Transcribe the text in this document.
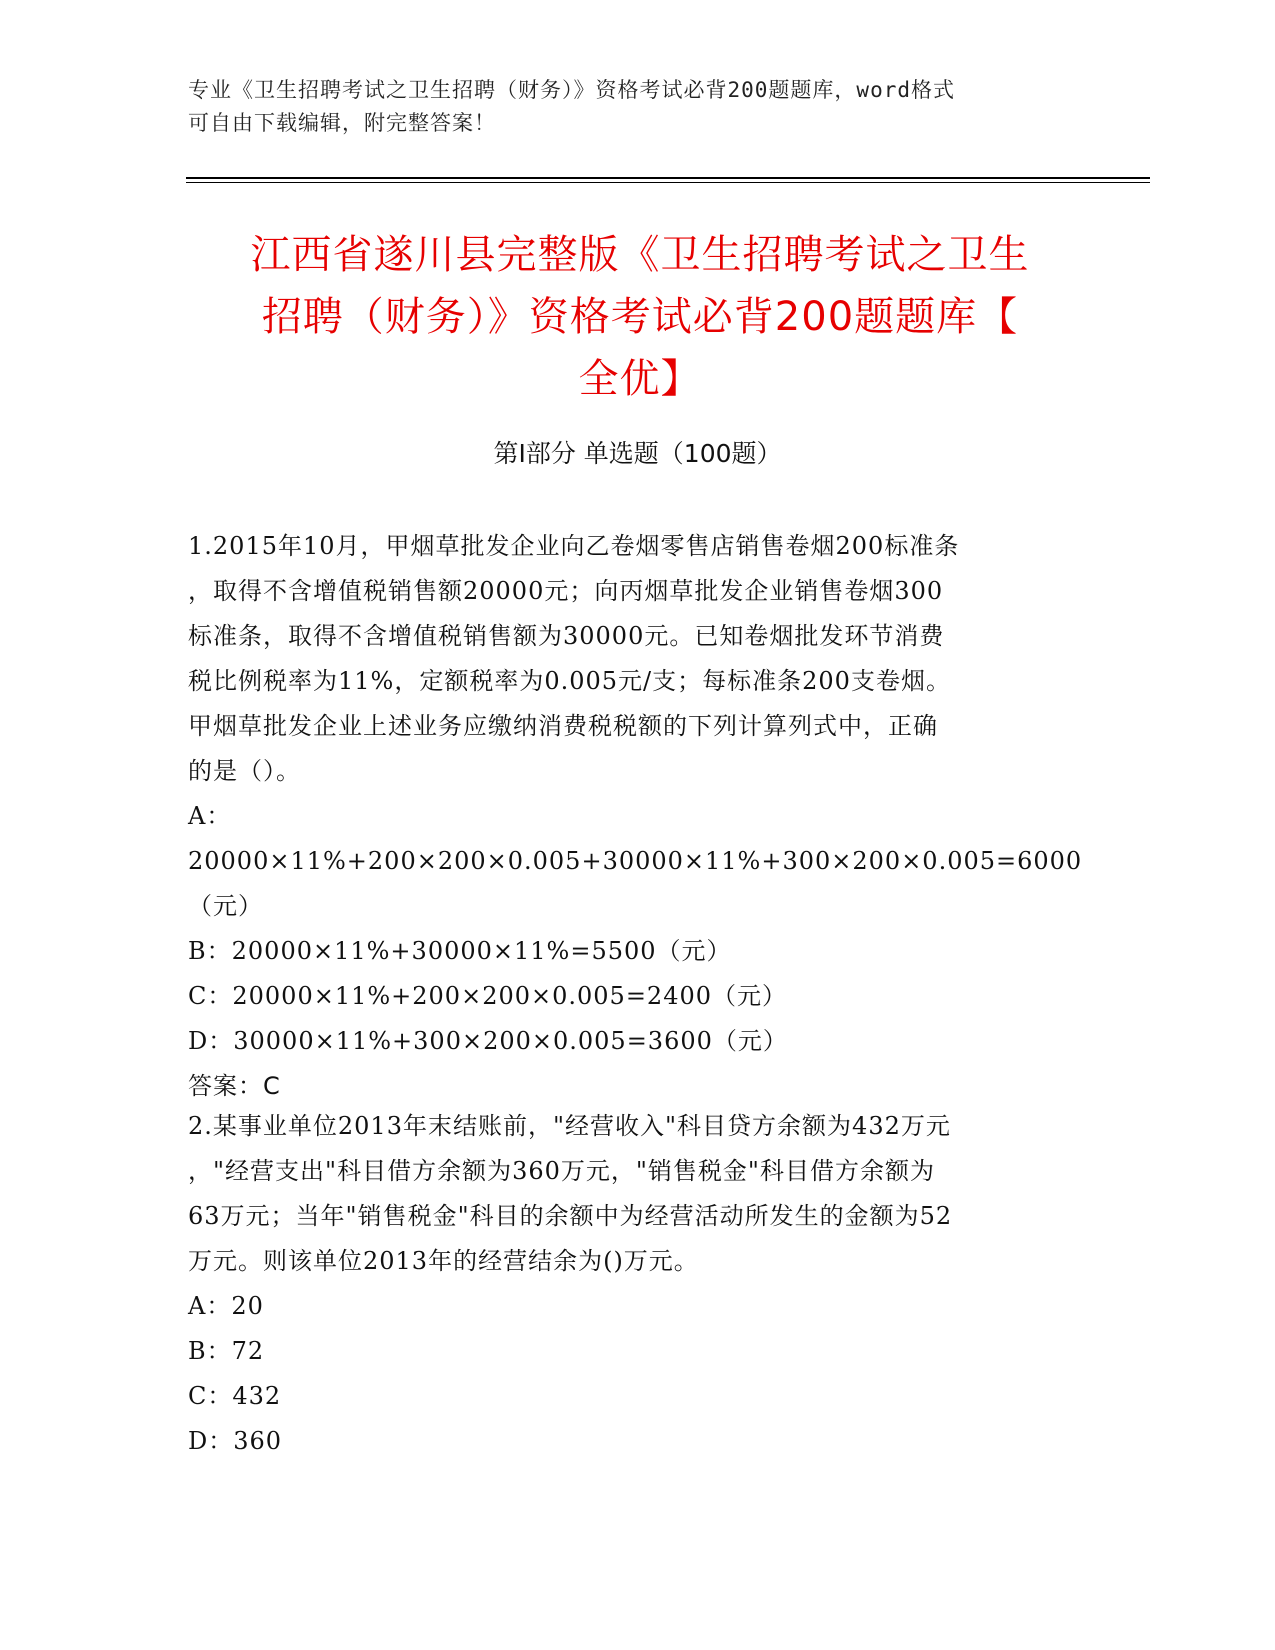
专业《卫生招聘考试之卫生招聘（财务）》资格考试必背200题题库，word格式
可自由下载编辑，附完整答案！
江西省遂川县完整版《卫生招聘考试之卫生
招聘（财务）》资格考试必背200题题库【
全优】
第I部分 单选题（100题）
1.2015年10月，甲烟草批发企业向乙卷烟零售店销售卷烟200标准条
，取得不含增值税销售额20000元；向丙烟草批发企业销售卷烟300
标准条，取得不含增值税销售额为30000元。已知卷烟批发环节消费
税比例税率为11%，定额税率为0.005元/支；每标准条200支卷烟。
甲烟草批发企业上述业务应缴纳消费税税额的下列计算列式中，正确
的是（）。
A：20000×11%+200×200×0.005+30000×11%+300×200×0.005=6000
（元）
B：20000×11%+30000×11%=5500（元）
C：20000×11%+200×200×0.005=2400（元）
D：30000×11%+300×200×0.005=3600（元）
答案：C
2.某事业单位2013年末结账前，"经营收入"科目贷方余额为432万元
，"经营支出"科目借方余额为360万元，"销售税金"科目借方余额为
63万元；当年"销售税金"科目的余额中为经营活动所发生的金额为52
万元。则该单位2013年的经营结余为()万元。
A：20
B：72
C：432
D：360
